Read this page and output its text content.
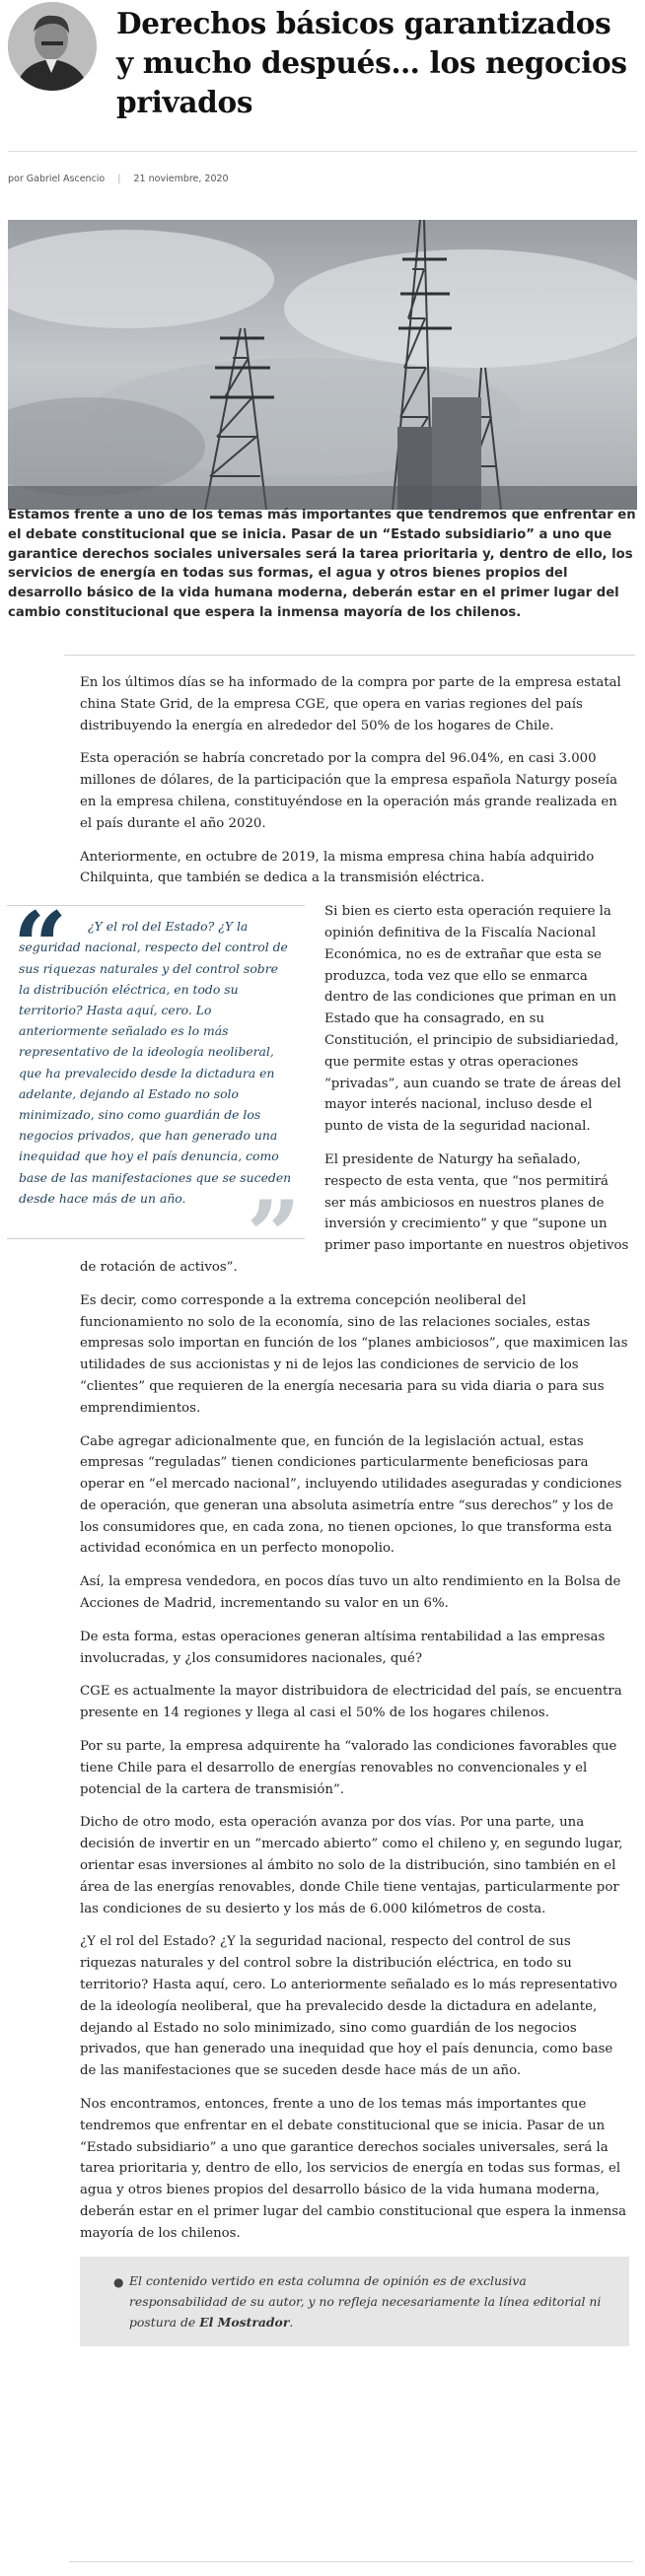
Derechos básicos garantizados y mucho después… los negocios privados
por Gabriel Ascencio | 21 noviembre, 2020

Estamos frente a uno de los temas más importantes que tendremos que enfrentar en el debate constitucional que se inicia. Pasar de un “Estado subsidiario” a uno que garantice derechos sociales universales será la tarea prioritaria y, dentro de ello, los servicios de energía en todas sus formas, el agua y otros bienes propios del desarrollo básico de la vida humana moderna, deberán estar en el primer lugar del cambio constitucional que espera la inmensa mayoría de los chilenos.

En los últimos días se ha informado de la compra por parte de la empresa estatal china State Grid, de la empresa CGE, que opera en varias regiones del país distribuyendo la energía en alrededor del 50% de los hogares de Chile.

Esta operación se habría concretado por la compra del 96.04%, en casi 3.000 millones de dólares, de la participación que la empresa española Naturgy poseía en la empresa chilena, constituyéndose en la operación más grande realizada en el país durante el año 2020.

Anteriormente, en octubre de 2019, la misma empresa china había adquirido Chilquinta, que también se dedica a la transmisión eléctrica.

“
”

¿Y el rol del Estado? ¿Y la seguridad nacional, respecto del control de sus riquezas naturales y del control sobre la distribución eléctrica, en todo su territorio? Hasta aquí, cero. Lo anteriormente señalado es lo más representativo de la ideología neoliberal, que ha prevalecido desde la dictadura en adelante, dejando al Estado no solo minimizado, sino como guardián de los negocios privados, que han generado una inequidad que hoy el país denuncia, como base de las manifestaciones que se suceden desde hace más de un año.

Si bien es cierto esta operación requiere la opinión definitiva de la Fiscalía Nacional Económica, no es de extrañar que esta se produzca, toda vez que ello se enmarca dentro de las condiciones que priman en un Estado que ha consagrado, en su Constitución, el principio de subsidiariedad, que permite estas y otras operaciones “privadas”, aun cuando se trate de áreas del mayor interés nacional, incluso desde el punto de vista de la seguridad nacional.

El presidente de Naturgy ha señalado, respecto de esta venta, que “nos permitirá ser más ambiciosos en nuestros planes de inversión y crecimiento” y que “supone un primer paso importante en nuestros objetivos de rotación de activos”.

Es decir, como corresponde a la extrema concepción neoliberal del funcionamiento no solo de la economía, sino de las relaciones sociales, estas empresas solo importan en función de los “planes ambiciosos”, que maximicen las utilidades de sus accionistas y ni de lejos las condiciones de servicio de los “clientes” que requieren de la energía necesaria para su vida diaria o para sus emprendimientos.

Cabe agregar adicionalmente que, en función de la legislación actual, estas empresas “reguladas” tienen condiciones particularmente beneficiosas para operar en “el mercado nacional”, incluyendo utilidades aseguradas y condiciones de operación, que generan una absoluta asimetría entre “sus derechos” y los de los consumidores que, en cada zona, no tienen opciones, lo que transforma esta actividad económica en un perfecto monopolio.

Así, la empresa vendedora, en pocos días tuvo un alto rendimiento en la Bolsa de Acciones de Madrid, incrementando su valor en un 6%.

De esta forma, estas operaciones generan altísima rentabilidad a las empresas involucradas, y ¿los consumidores nacionales, qué?

CGE es actualmente la mayor distribuidora de electricidad del país, se encuentra presente en 14 regiones y llega al casi el 50% de los hogares chilenos.

Por su parte, la empresa adquirente ha “valorado las condiciones favorables que tiene Chile para el desarrollo de energías renovables no convencionales y el potencial de la cartera de transmisión”.

Dicho de otro modo, esta operación avanza por dos vías. Por una parte, una decisión de invertir en un “mercado abierto” como el chileno y, en segundo lugar, orientar esas inversiones al ámbito no solo de la distribución, sino también en el área de las energías renovables, donde Chile tiene ventajas, particularmente por las condiciones de su desierto y los más de 6.000 kilómetros de costa.

¿Y el rol del Estado? ¿Y la seguridad nacional, respecto del control de sus riquezas naturales y del control sobre la distribución eléctrica, en todo su territorio? Hasta aquí, cero. Lo anteriormente señalado es lo más representativo de la ideología neoliberal, que ha prevalecido desde la dictadura en adelante, dejando al Estado no solo minimizado, sino como guardián de los negocios privados, que han generado una inequidad que hoy el país denuncia, como base de las manifestaciones que se suceden desde hace más de un año.

Nos encontramos, entonces, frente a uno de los temas más importantes que tendremos que enfrentar en el debate constitucional que se inicia. Pasar de un “Estado subsidiario” a uno que garantice derechos sociales universales, será la tarea prioritaria y, dentro de ello, los servicios de energía en todas sus formas, el agua y otros bienes propios del desarrollo básico de la vida humana moderna, deberán estar en el primer lugar del cambio constitucional que espera la inmensa mayoría de los chilenos.

● El contenido vertido en esta columna de opinión es de exclusiva responsabilidad de su autor, y no refleja necesariamente la línea editorial ni postura de El Mostrador.
